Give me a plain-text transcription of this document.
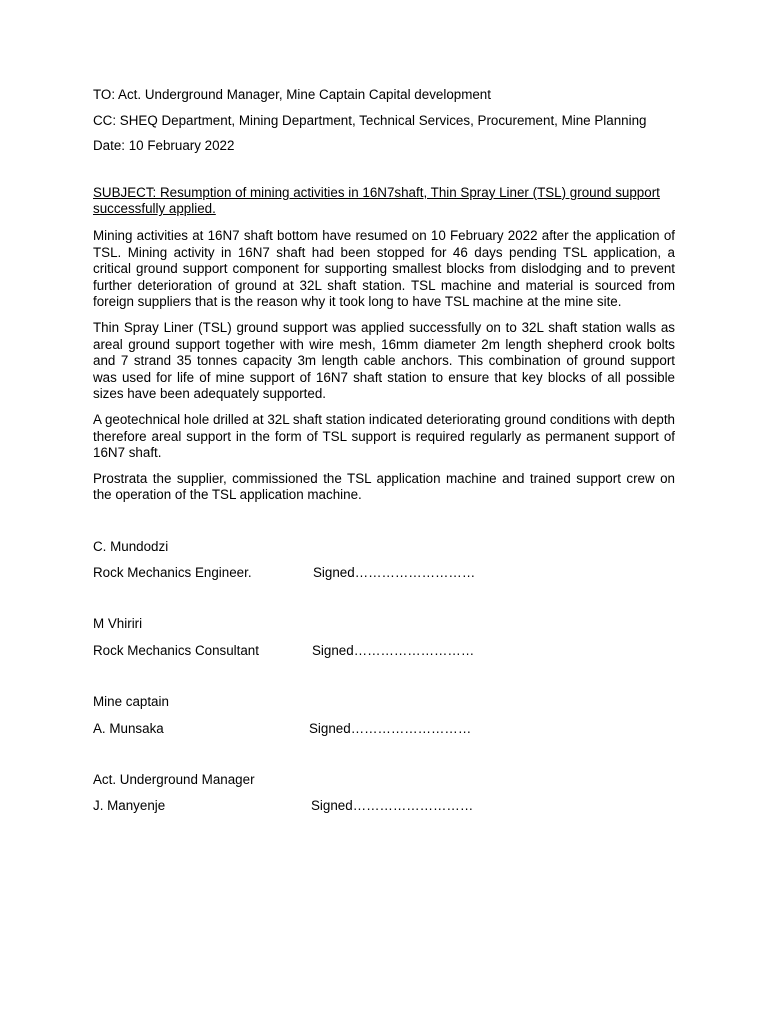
TO: Act. Underground Manager, Mine Captain Capital development

CC: SHEQ Department, Mining Department, Technical Services, Procurement, Mine Planning

Date: 10 February 2022

SUBJECT: Resumption of mining activities in 16N7shaft, Thin Spray Liner (TSL) ground support successfully applied.

Mining activities at 16N7 shaft bottom have resumed on 10 February 2022 after the application of TSL. Mining activity in 16N7 shaft had been stopped for 46 days pending TSL application, a critical ground support component for supporting smallest blocks from dislodging and to prevent further deterioration of ground at 32L shaft station. TSL machine and material is sourced from foreign suppliers that is the reason why it took long to have TSL machine at the mine site.

Thin Spray Liner (TSL) ground support was applied successfully on to 32L shaft station walls as areal ground support together with wire mesh, 16mm diameter 2m length shepherd crook bolts and 7 strand 35 tonnes capacity 3m length cable anchors. This combination of ground support was used for life of mine support of 16N7 shaft station to ensure that key blocks of all possible sizes have been adequately supported.

A geotechnical hole drilled at 32L shaft station indicated deteriorating ground conditions with depth therefore areal support in the form of TSL support is required regularly as permanent support of 16N7 shaft.

Prostrata the supplier, commissioned the TSL application machine and trained support crew on the operation of the TSL application machine.

C. Mundodzi

Rock Mechanics Engineer.	Signed………………………

M Vhiriri

Rock Mechanics Consultant	Signed………………………

Mine captain

A. Munsaka	Signed………………………

Act. Underground Manager

J. Manyenje	Signed………………………
